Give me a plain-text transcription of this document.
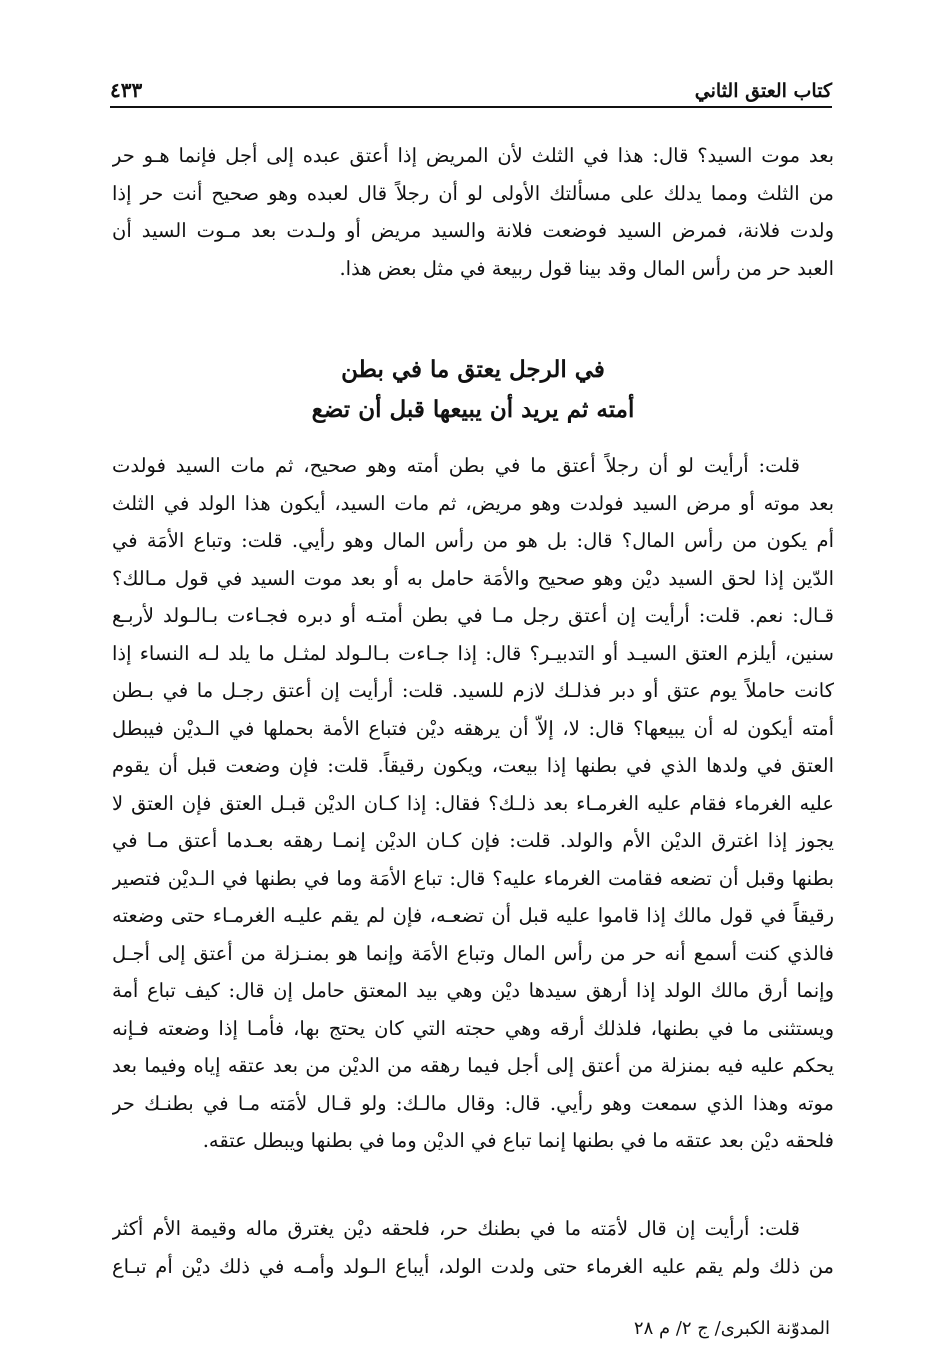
كتاب العتق الثاني
٤٣٣
بعد موت السيد؟ قال: هذا في الثلث لأن المريض إذا أعتق عبده إلى أجل فإنما هـو حر
من الثلث ومما يدلك على مسألتك الأولى لو أن رجلاً قال لعبده وهو صحيح أنت حر إذا
ولدت فلانة، فمرض السيد فوضعت فلانة والسيد مريض أو ولـدت بعد مـوت السيد أن
العبد حر من رأس المال وقد بينا قول ربيعة في مثل بعض هذا.
في الرجل يعتق ما في بطن
أمته ثم يريد أن يبيعها قبل أن تضع
قلت: أرأيت لو أن رجلاً أعتق ما في بطن أمته وهو صحيح، ثم مات السيد فولدت
بعد موته أو مرض السيد فولدت وهو مريض، ثم مات السيد، أيكون هذا الولد في الثلث
أم يكون من رأس المال؟ قال: بل هو من رأس المال وهو رأيي. قلت: وتباع الأمَة في
الدّين إذا لحق السيد ديْن وهو صحيح والأمَة حامل به أو بعد موت السيد في قول مـالك؟
قـال: نعم. قلت: أرأيت إن أعتق رجل مـا في بطن أمتـه أو دبره فجـاءت بـالـولد لأربـع
سنين، أيلزم العتق السيـد أو التدبيـر؟ قال: إذا جـاءت بـالـولد لمثـل ما يلد لـه النساء إذا
كانت حاملاً يوم عتق أو دبر فذلـك لازم للسيد. قلت: أرأيت إن أعتق رجـل ما في بـطن
أمته أيكون له أن يبيعها؟ قال: لا، إلاّ أن يرهقه ديْن فتباع الأمة بحملها في الـديْن فيبطل
العتق في ولدها الذي في بطنها إذا بيعت، ويكون رقيقاً. قلت: فإن وضعت قبل أن يقوم
عليه الغرماء فقام عليه الغرمـاء بعد ذلـك؟ فقال: إذا كـان الديْن قبـل العتق فإن العتق لا
يجوز إذا اغترق الديْن الأم والولد. قلت: فإن كـان الديْن إنمـا رهقه بعـدما أعتق مـا في
بطنها وقبل أن تضعه فقامت الغرماء عليه؟ قال: تباع الأمَة وما في بطنها في الـديْن فتصير
رقيقاً في قول مالك إذا قاموا عليه قبل أن تضعـه، فإن لم يقم عليـه الغرمـاء حتى وضعته
فالذي كنت أسمع أنه حر من رأس المال وتباع الأمَة وإنما هو بمنـزلة من أعتق إلى أجـل
وإنما أرق مالك الولد إذا أرهق سيدها ديْن وهي بيد المعتق حامل إن قال: كيف تباع أمة
ويستثنى ما في بطنها، فلذلك أرقه وهي حجته التي كان يحتج بها، فأمـا إذا وضعته فـإنه
يحكم عليه فيه بمنزلة من أعتق إلى أجل فيما رهقه من الديْن من بعد عتقه إياه وفيما بعد
موته وهذا الذي سمعت وهو رأيي. قال: وقال مالـك: ولو قـال لأمَته مـا في بطنـك حر
فلحقه ديْن بعد عتقه ما في بطنها إنما تباع في الديْن وما في بطنها ويبطل عتقه.
قلت: أرأيت إن قال لأمَته ما في بطنك حر، فلحقه ديْن يغترق ماله وقيمة الأم أكثر
من ذلك ولم يقم عليه الغرماء حتى ولدت الولد، أيباع الـولد وأمـه في ذلك ديْن أم تبـاع
المدوّنة الكبرى/ ج ٢/ م ٢٨
